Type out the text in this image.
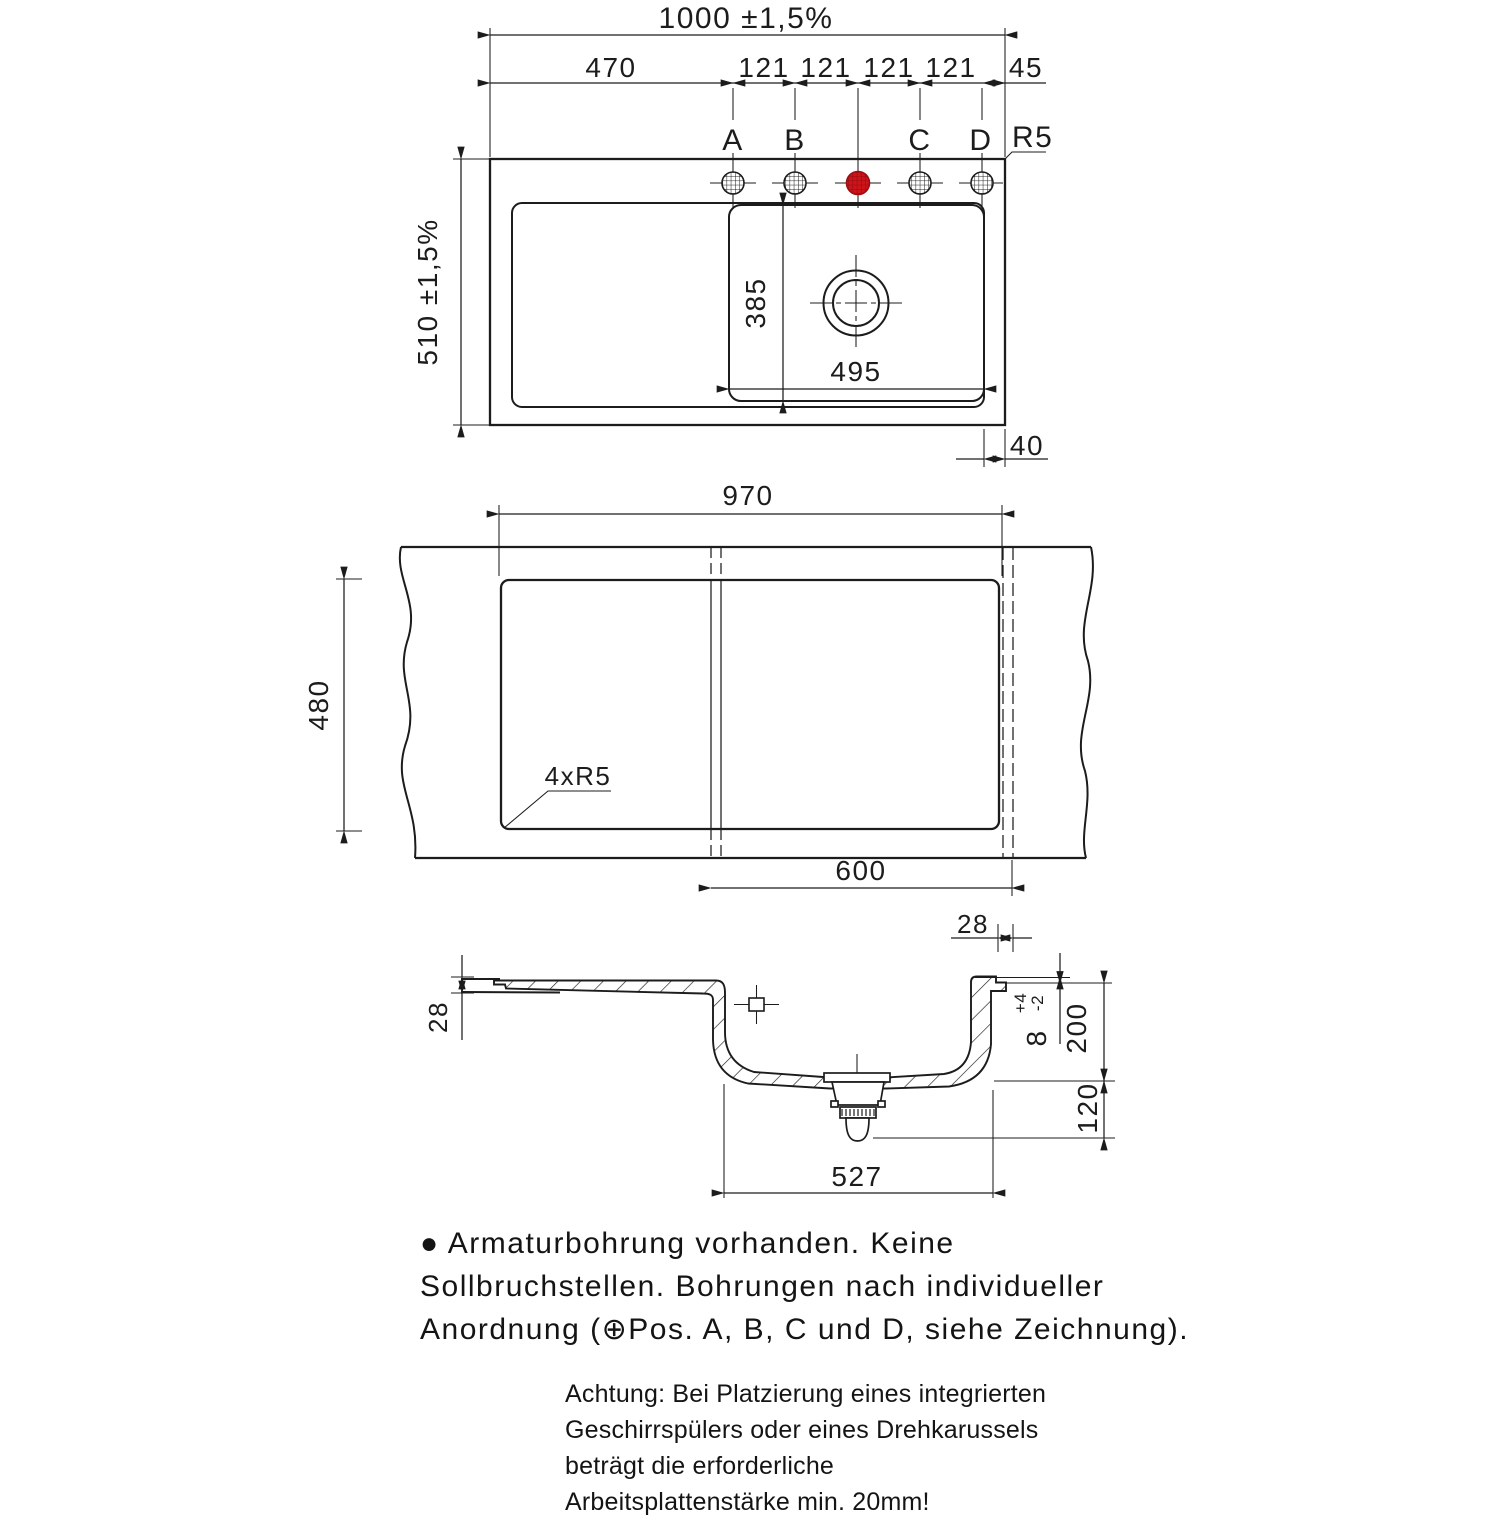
1000 ±1,5%
470	121 121 121 121 45
A B	C D R5
385
495
510 ±1,5%
40
970
480
4xR5
600
28
28
8
+4
-2 200
120
527
● Armaturbohrung vorhanden. Keine
Sollbruchstellen. Bohrungen nach individueller
Anordnung (⊕Pos. A, B, C und D, siehe Zeichnung).
Achtung: Bei Platzierung eines integrierten
Geschirrspülers oder eines Drehkarussels
beträgt die erforderliche
Arbeitsplattenstärke min. 20mm!
